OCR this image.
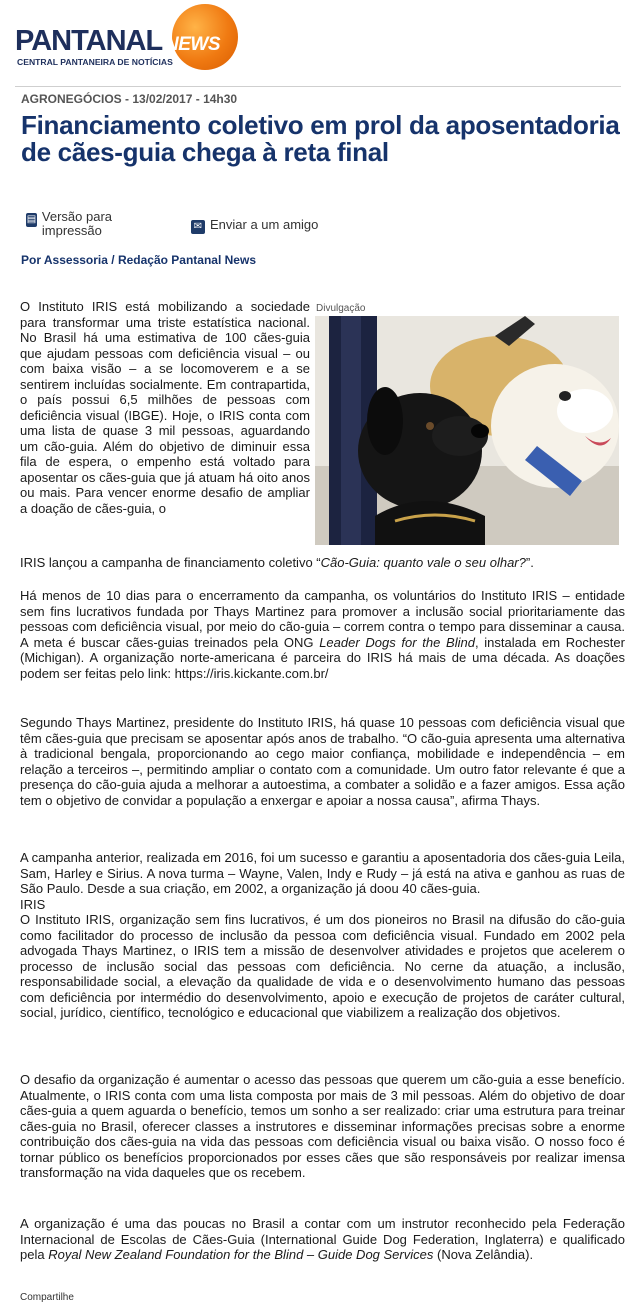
PANTANAL NEWS
CENTRAL PANTANEIRA DE NOTÍCIAS
AGRONEGÓCIOS - 13/02/2017 - 14h30
Financiamento coletivo em prol da aposentadoria de cães-guia chega à reta final
▤ Versão para impressão	✉ Enviar a um amigo
Por Assessoria / Redação Pantanal News
Divulgação

O Instituto IRIS está mobilizando a sociedade para transformar uma triste estatística nacional. No Brasil há uma estimativa de 100 cães-guia que ajudam pessoas com deficiência visual – ou com baixa visão – a se locomoverem e a se sentirem incluídas socialmente. Em contrapartida, o país possui 6,5 milhões de pessoas com deficiência visual (IBGE). Hoje, o IRIS conta com uma lista de quase 3 mil pessoas, aguardando um cão-guia. Além do objetivo de diminuir essa fila de espera, o empenho está voltado para aposentar os cães-guia que já atuam há oito anos ou mais. Para vencer enorme desafio de ampliar a doação de cães-guia, o

IRIS lançou a campanha de financiamento coletivo “Cão-Guia: quanto vale o seu olhar?”.

Há menos de 10 dias para o encerramento da campanha, os voluntários do Instituto IRIS – entidade sem fins lucrativos fundada por Thays Martinez para promover a inclusão social prioritariamente das pessoas com deficiência visual, por meio do cão-guia – correm contra o tempo para disseminar a causa. A meta é buscar cães-guias treinados pela ONG Leader Dogs for the Blind, instalada em Rochester (Michigan). A organização norte-americana é parceira do IRIS há mais de uma década. As doações podem ser feitas pelo link: https://iris.kickante.com.br/

Segundo Thays Martinez, presidente do Instituto IRIS, há quase 10 pessoas com deficiência visual que têm cães-guia que precisam se aposentar após anos de trabalho. “O cão-guia apresenta uma alternativa à tradicional bengala, proporcionando ao cego maior confiança, mobilidade e independência – em relação a terceiros –, permitindo ampliar o contato com a comunidade. Um outro fator relevante é que a presença do cão-guia ajuda a melhorar a autoestima, a combater a solidão e a fazer amigos. Essa ação tem o objetivo de convidar a população a enxergar e apoiar a nossa causa”, afirma Thays.

A campanha anterior, realizada em 2016, foi um sucesso e garantiu a aposentadoria dos cães-guia Leila, Sam, Harley e Sirius. A nova turma – Wayne, Valen, Indy e Rudy – já está na ativa e ganhou as ruas de São Paulo. Desde a sua criação, em 2002, a organização já doou 40 cães-guia.
IRIS
O Instituto IRIS, organização sem fins lucrativos, é um dos pioneiros no Brasil na difusão do cão-guia como facilitador do processo de inclusão da pessoa com deficiência visual. Fundado em 2002 pela advogada Thays Martinez, o IRIS tem a missão de desenvolver atividades e projetos que acelerem o processo de inclusão social das pessoas com deficiência. No cerne da atuação, a inclusão, responsabilidade social, a elevação da qualidade de vida e o desenvolvimento humano das pessoas com deficiência por intermédio do desenvolvimento, apoio e execução de projetos de caráter cultural, social, jurídico, científico, tecnológico e educacional que viabilizem a realização dos objetivos.

O desafio da organização é aumentar o acesso das pessoas que querem um cão-guia a esse benefício. Atualmente, o IRIS conta com uma lista composta por mais de 3 mil pessoas. Além do objetivo de doar cães-guia a quem aguarda o benefício, temos um sonho a ser realizado: criar uma estrutura para treinar cães-guia no Brasil, oferecer classes a instrutores e disseminar informações precisas sobre a enorme contribuição dos cães-guia na vida das pessoas com deficiência visual ou baixa visão. O nosso foco é tornar público os benefícios proporcionados por esses cães que são responsáveis por realizar imensa transformação na vida daqueles que os recebem.

A organização é uma das poucas no Brasil a contar com um instrutor reconhecido pela Federação Internacional de Escolas de Cães-Guia (International Guide Dog Federation, Inglaterra) e qualificado pela Royal New Zealand Foundation for the Blind – Guide Dog Services (Nova Zelândia).

Compartilhe
